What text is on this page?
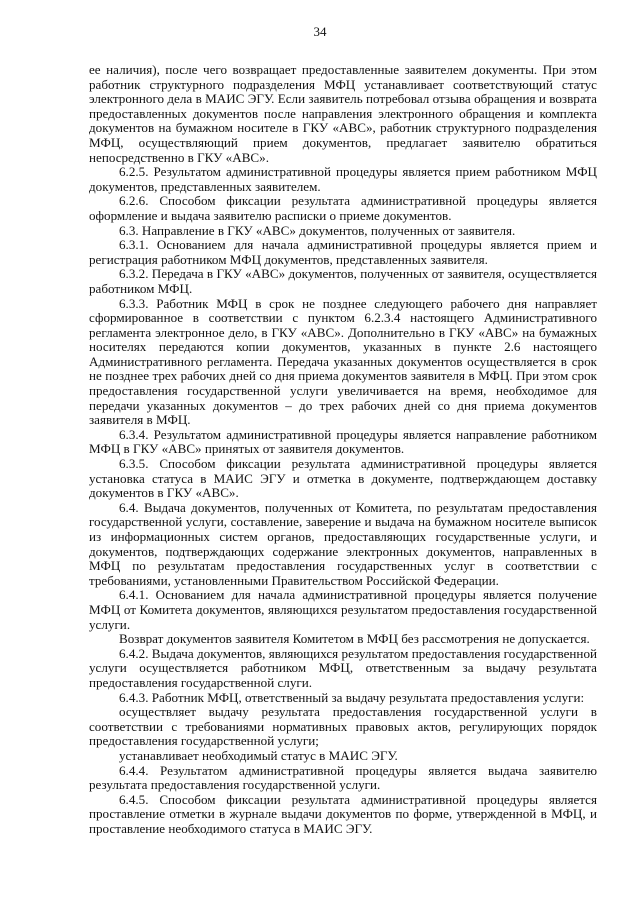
34

ее наличия), после чего возвращает предоставленные заявителем документы. При этом работник структурного подразделения МФЦ устанавливает соответствующий статус электронного дела в МАИС ЭГУ. Если заявитель потребовал отзыва обращения и возврата предоставленных документов после направления электронного обращения и комплекта документов на бумажном носителе в ГКУ «АВС», работник структурного подразделения МФЦ, осуществляющий прием документов, предлагает заявителю обратиться непосредственно в ГКУ «АВС».

6.2.5. Результатом административной процедуры является прием работником МФЦ документов, представленных заявителем.

6.2.6. Способом фиксации результата административной процедуры является оформление и выдача заявителю расписки о приеме документов.

6.3. Направление в ГКУ «АВС» документов, полученных от заявителя.

6.3.1. Основанием для начала административной процедуры является прием и регистрация работником МФЦ документов, представленных заявителя.

6.3.2. Передача в ГКУ «АВС» документов, полученных от заявителя, осуществляется работником МФЦ.

6.3.3. Работник МФЦ в срок не позднее следующего рабочего дня направляет сформированное в соответствии с пунктом 6.2.3.4 настоящего Административного регламента электронное дело, в ГКУ «АВС». Дополнительно в ГКУ «АВС» на бумажных носителях передаются копии документов, указанных в пункте 2.6 настоящего Административного регламента. Передача указанных документов осуществляется в срок не позднее трех рабочих дней со дня приема документов заявителя в МФЦ. При этом срок предоставления государственной услуги увеличивается на время, необходимое для передачи указанных документов – до трех рабочих дней со дня приема документов заявителя в МФЦ.

6.3.4. Результатом административной процедуры является направление работником МФЦ в ГКУ «АВС» принятых от заявителя документов.

6.3.5. Способом фиксации результата административной процедуры является установка статуса в МАИС ЭГУ и отметка в документе, подтверждающем доставку документов в ГКУ «АВС».

6.4. Выдача документов, полученных от Комитета, по результатам предоставления государственной услуги, составление, заверение и выдача на бумажном носителе выписок из информационных систем органов, предоставляющих государственные услуги, и документов, подтверждающих содержание электронных документов, направленных в МФЦ по результатам предоставления государственных услуг в соответствии с требованиями, установленными Правительством Российской Федерации.

6.4.1. Основанием для начала административной процедуры является получение МФЦ от Комитета документов, являющихся результатом предоставления государственной услуги.

Возврат документов заявителя Комитетом в МФЦ без рассмотрения не допускается.

6.4.2. Выдача документов, являющихся результатом предоставления государственной услуги осуществляется работником МФЦ, ответственным за выдачу результата предоставления государственной слуги.

6.4.3. Работник МФЦ, ответственный за выдачу результата предоставления услуги:

осуществляет выдачу результата предоставления государственной услуги в соответствии с требованиями нормативных правовых актов, регулирующих порядок предоставления государственной услуги;

устанавливает необходимый статус в МАИС ЭГУ.

6.4.4. Результатом административной процедуры является выдача заявителю результата предоставления государственной услуги.

6.4.5. Способом фиксации результата административной процедуры является проставление отметки в журнале выдачи документов по форме, утвержденной в МФЦ, и проставление необходимого статуса в МАИС ЭГУ.
